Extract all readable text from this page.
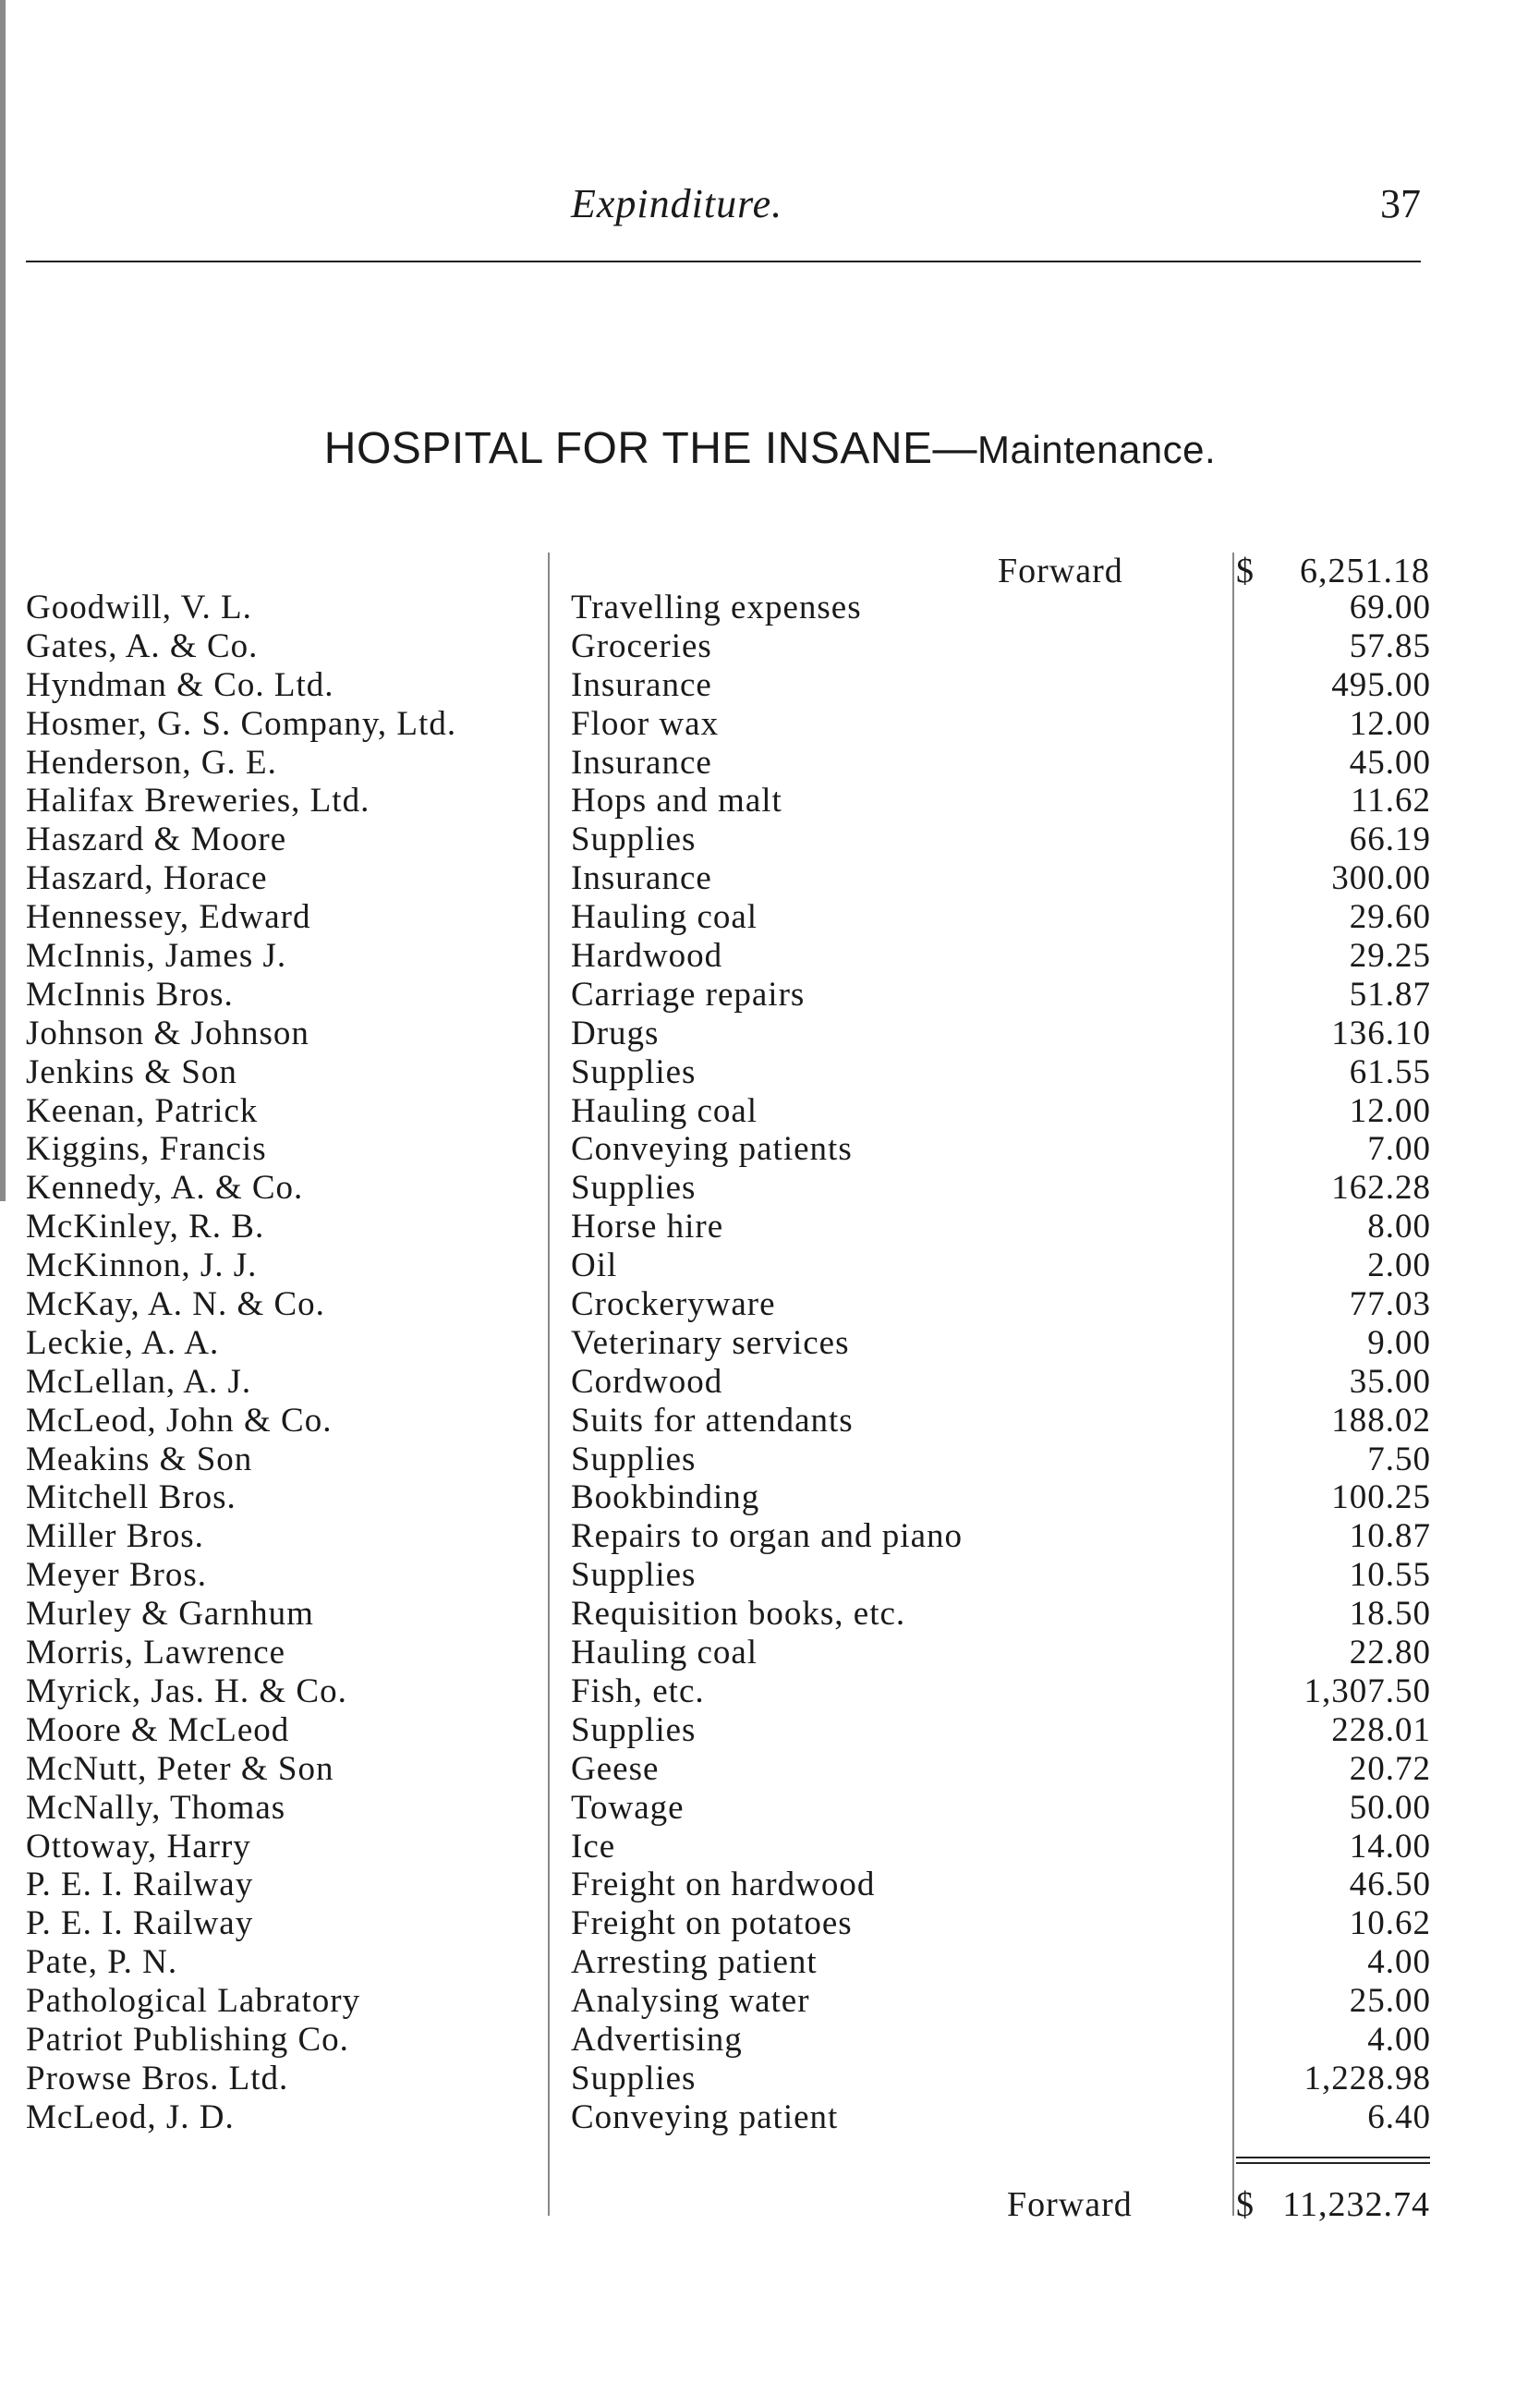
Expinditure.	37
HOSPITAL FOR THE INSANE—Maintenance.
Forward	$ 6,251.18
Goodwill, V. L.	Travelling expenses	69.00
Gates, A. & Co.	Groceries	57.85
Hyndman & Co. Ltd.	Insurance	495.00
Hosmer, G. S. Company, Ltd.	Floor wax	12.00
Henderson, G. E.	Insurance	45.00
Halifax Breweries, Ltd.	Hops and malt	11.62
Haszard & Moore	Supplies	66.19
Haszard, Horace	Insurance	300.00
Hennessey, Edward	Hauling coal	29.60
McInnis, James J.	Hardwood	29.25
McInnis Bros.	Carriage repairs	51.87
Johnson & Johnson	Drugs	136.10
Jenkins & Son	Supplies	61.55
Keenan, Patrick	Hauling coal	12.00
Kiggins, Francis	Conveying patients	7.00
Kennedy, A. & Co.	Supplies	162.28
McKinley, R. B.	Horse hire	8.00
McKinnon, J. J.	Oil	2.00
McKay, A. N. & Co.	Crockeryware	77.03
Leckie, A. A.	Veterinary services	9.00
McLellan, A. J.	Cordwood	35.00
McLeod, John & Co.	Suits for attendants	188.02
Meakins & Son	Supplies	7.50
Mitchell Bros.	Bookbinding	100.25
Miller Bros.	Repairs to organ and piano	10.87
Meyer Bros.	Supplies	10.55
Murley & Garnhum	Requisition books, etc.	18.50
Morris, Lawrence	Hauling coal	22.80
Myrick, Jas. H. & Co.	Fish, etc.	1,307.50
Moore & McLeod	Supplies	228.01
McNutt, Peter & Son	Geese	20.72
McNally, Thomas	Towage	50.00
Ottoway, Harry	Ice	14.00
P. E. I. Railway	Freight on hardwood	46.50
P. E. I. Railway	Freight on potatoes	10.62
Pate, P. N.	Arresting patient	4.00
Pathological Labratory	Analysing water	25.00
Patriot Publishing Co.	Advertising	4.00
Prowse Bros. Ltd.	Supplies	1,228.98
McLeod, J. D.	Conveying patient	6.40
Forward	$ 11,232.74
